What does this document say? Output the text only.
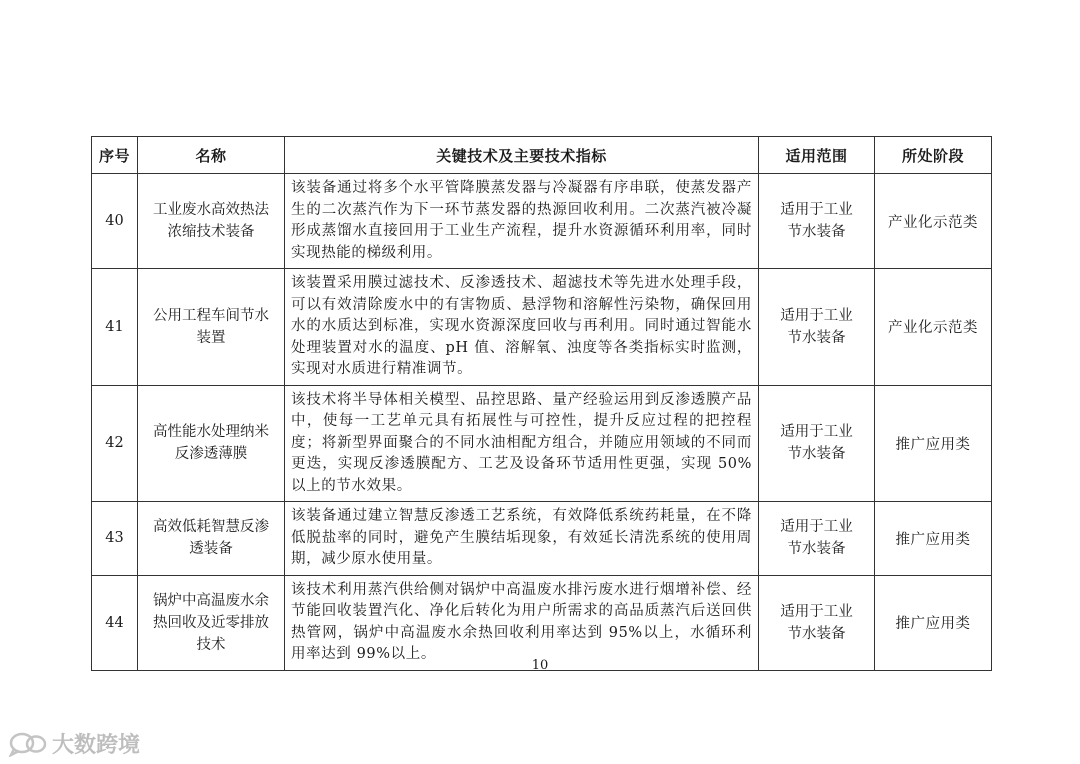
序号	名称	关键技术及主要技术指标	适用范围	所处阶段
40	工业废水高效热法浓缩技术装备	该装备通过将多个水平管降膜蒸发器与冷凝器有序串联，使蒸发器产生的二次蒸汽作为下一环节蒸发器的热源回收利用。二次蒸汽被冷凝形成蒸馏水直接回用于工业生产流程，提升水资源循环利用率，同时实现热能的梯级利用。	适用于工业节水装备	产业化示范类
41	公用工程车间节水装置	该装置采用膜过滤技术、反渗透技术、超滤技术等先进水处理手段，可以有效清除废水中的有害物质、悬浮物和溶解性污染物，确保回用水的水质达到标准，实现水资源深度回收与再利用。同时通过智能水处理装置对水的温度、pH 值、溶解氧、浊度等各类指标实时监测，实现对水质进行精准调节。	适用于工业节水装备	产业化示范类
42	高性能水处理纳米反渗透薄膜	该技术将半导体相关模型、品控思路、量产经验运用到反渗透膜产品中，使每一工艺单元具有拓展性与可控性，提升反应过程的把控程度；将新型界面聚合的不同水油相配方组合，并随应用领域的不同而更迭，实现反渗透膜配方、工艺及设备环节适用性更强，实现 50%以上的节水效果。	适用于工业节水装备	推广应用类
43	高效低耗智慧反渗透装备	该装备通过建立智慧反渗透工艺系统，有效降低系统药耗量，在不降低脱盐率的同时，避免产生膜结垢现象，有效延长清洗系统的使用周期，减少原水使用量。	适用于工业节水装备	推广应用类
44	锅炉中高温废水余热回收及近零排放技术	该技术利用蒸汽供给侧对锅炉中高温废水排污废水进行烟增补偿、经节能回收装置汽化、净化后转化为用户所需求的高品质蒸汽后送回供热管网，锅炉中高温废水余热回收利用率达到 95%以上，水循环利用率达到 99%以上。	适用于工业节水装备	推广应用类
10
大数跨境
